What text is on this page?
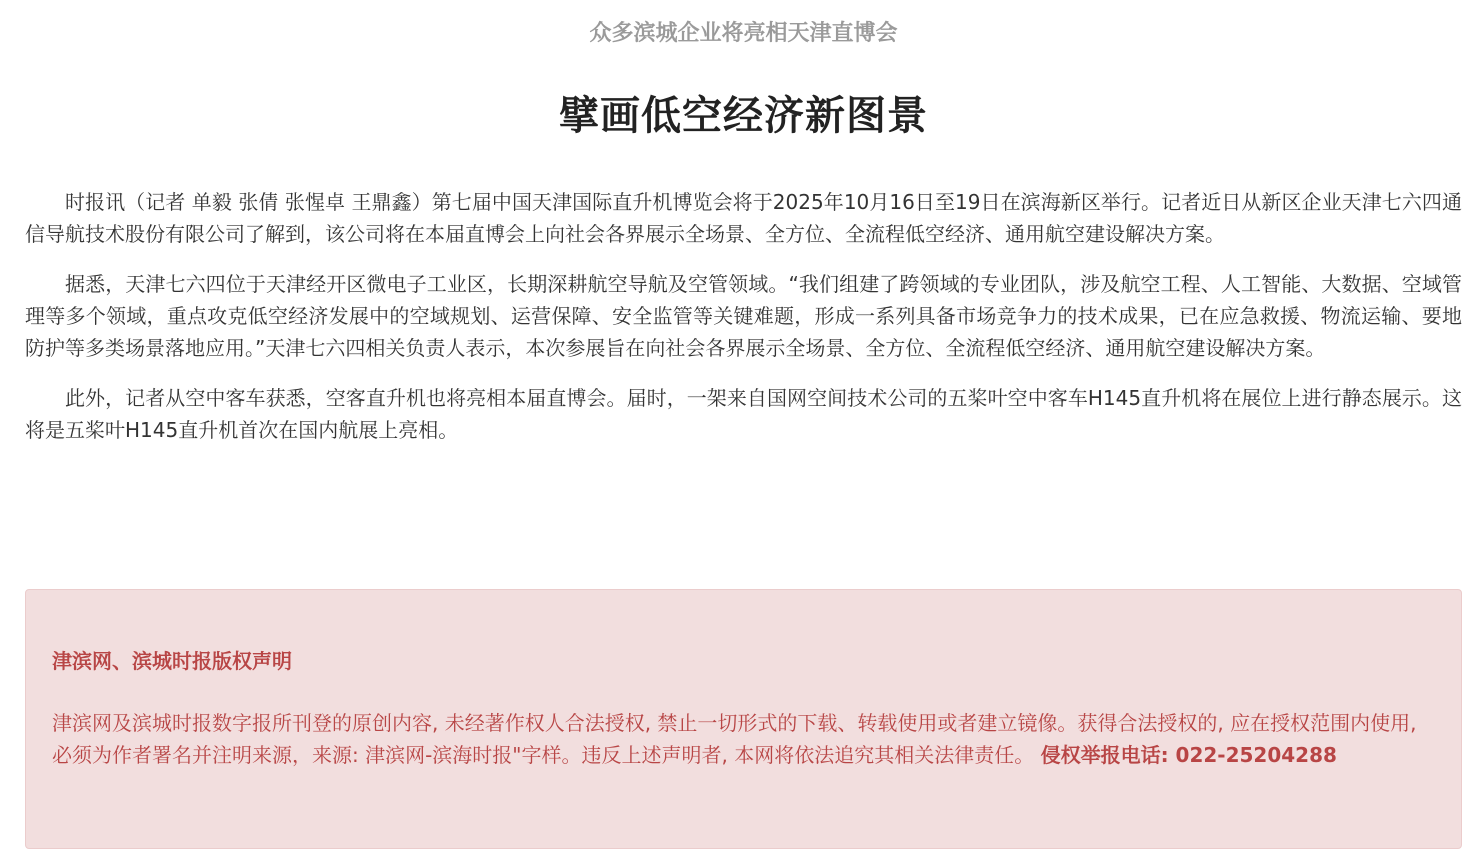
众多滨城企业将亮相天津直博会
擘画低空经济新图景

时报讯（记者 单毅 张倩 张惺卓 王鼎鑫）第七届中国天津国际直升机博览会将于2025年10月16日至19日在滨海新区举行。记者近日从新区企业天津七六四通信导航技术股份有限公司了解到，该公司将在本届直博会上向社会各界展示全场景、全方位、全流程低空经济、通用航空建设解决方案。

据悉，天津七六四位于天津经开区微电子工业区，长期深耕航空导航及空管领域。“我们组建了跨领域的专业团队，涉及航空工程、人工智能、大数据、空域管理等多个领域，重点攻克低空经济发展中的空域规划、运营保障、安全监管等关键难题，形成一系列具备市场竞争力的技术成果，已在应急救援、物流运输、要地防护等多类场景落地应用。”天津七六四相关负责人表示，本次参展旨在向社会各界展示全场景、全方位、全流程低空经济、通用航空建设解决方案。

此外，记者从空中客车获悉，空客直升机也将亮相本届直博会。届时，一架来自国网空间技术公司的五桨叶空中客车H145直升机将在展位上进行静态展示。这将是五桨叶H145直升机首次在国内航展上亮相。

津滨网、滨城时报版权声明

津滨网及滨城时报数字报所刊登的原创内容, 未经著作权人合法授权, 禁止一切形式的下载、转载使用或者建立镜像。获得合法授权的, 应在授权范围内使用, 必须为作者署名并注明来源，来源: 津滨网-滨海时报"字样。违反上述声明者, 本网将依法追究其相关法律责任。 侵权举报电话: 022-25204288
